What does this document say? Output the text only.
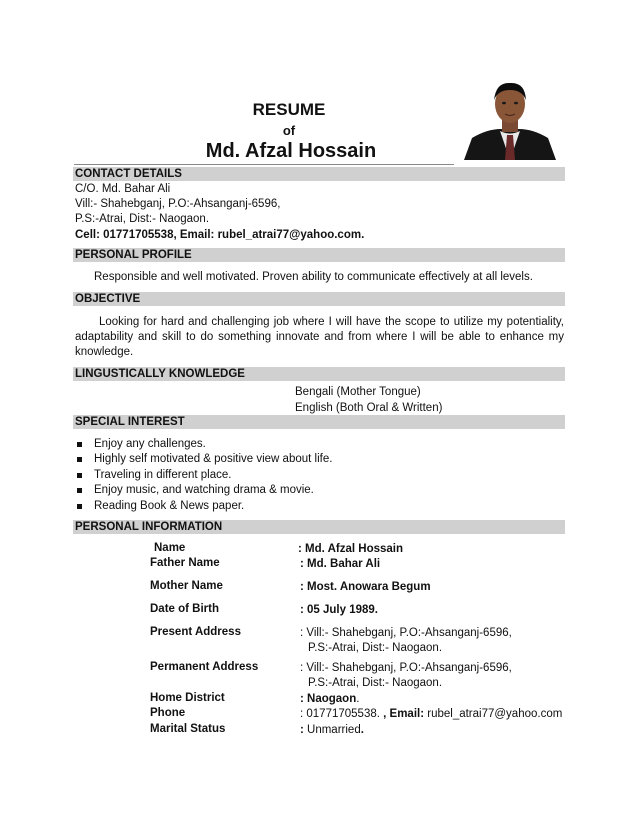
RESUME
of
Md. Afzal Hossain
CONTACT DETAILS
C/O. Md. Bahar Ali
Vill:- Shahebganj, P.O:-Ahsanganj-6596,
P.S:-Atrai, Dist:- Naogaon.
Cell: 01771705538, Email: rubel_atrai77@yahoo.com.
PERSONAL PROFILE
Responsible and well motivated. Proven ability to communicate effectively at all levels.
OBJECTIVE
Looking for hard and challenging job where I will have the scope to utilize my potentiality, adaptability and skill to do something innovate and from where I will be able to enhance my knowledge.
LINGUSTICALLY KNOWLEDGE
Bengali (Mother Tongue)
English (Both Oral & Written)
SPECIAL INTEREST
Enjoy any challenges.
Highly self motivated & positive view about life.
Traveling in different place.
Enjoy music, and watching drama & movie.
Reading Book & News paper.
PERSONAL INFORMATION
Name	: Md. Afzal Hossain
Father Name	: Md. Bahar Ali
Mother Name	: Most. Anowara Begum
Date of Birth	: 05 July 1989.
Present Address	: Vill:- Shahebganj, P.O:-Ahsanganj-6596,
P.S:-Atrai, Dist:- Naogaon.
Permanent Address	: Vill:- Shahebganj, P.O:-Ahsanganj-6596,
P.S:-Atrai, Dist:- Naogaon.
Home District	: Naogaon.
Phone	: 01771705538. , Email: rubel_atrai77@yahoo.com
Marital Status	: Unmarried.
